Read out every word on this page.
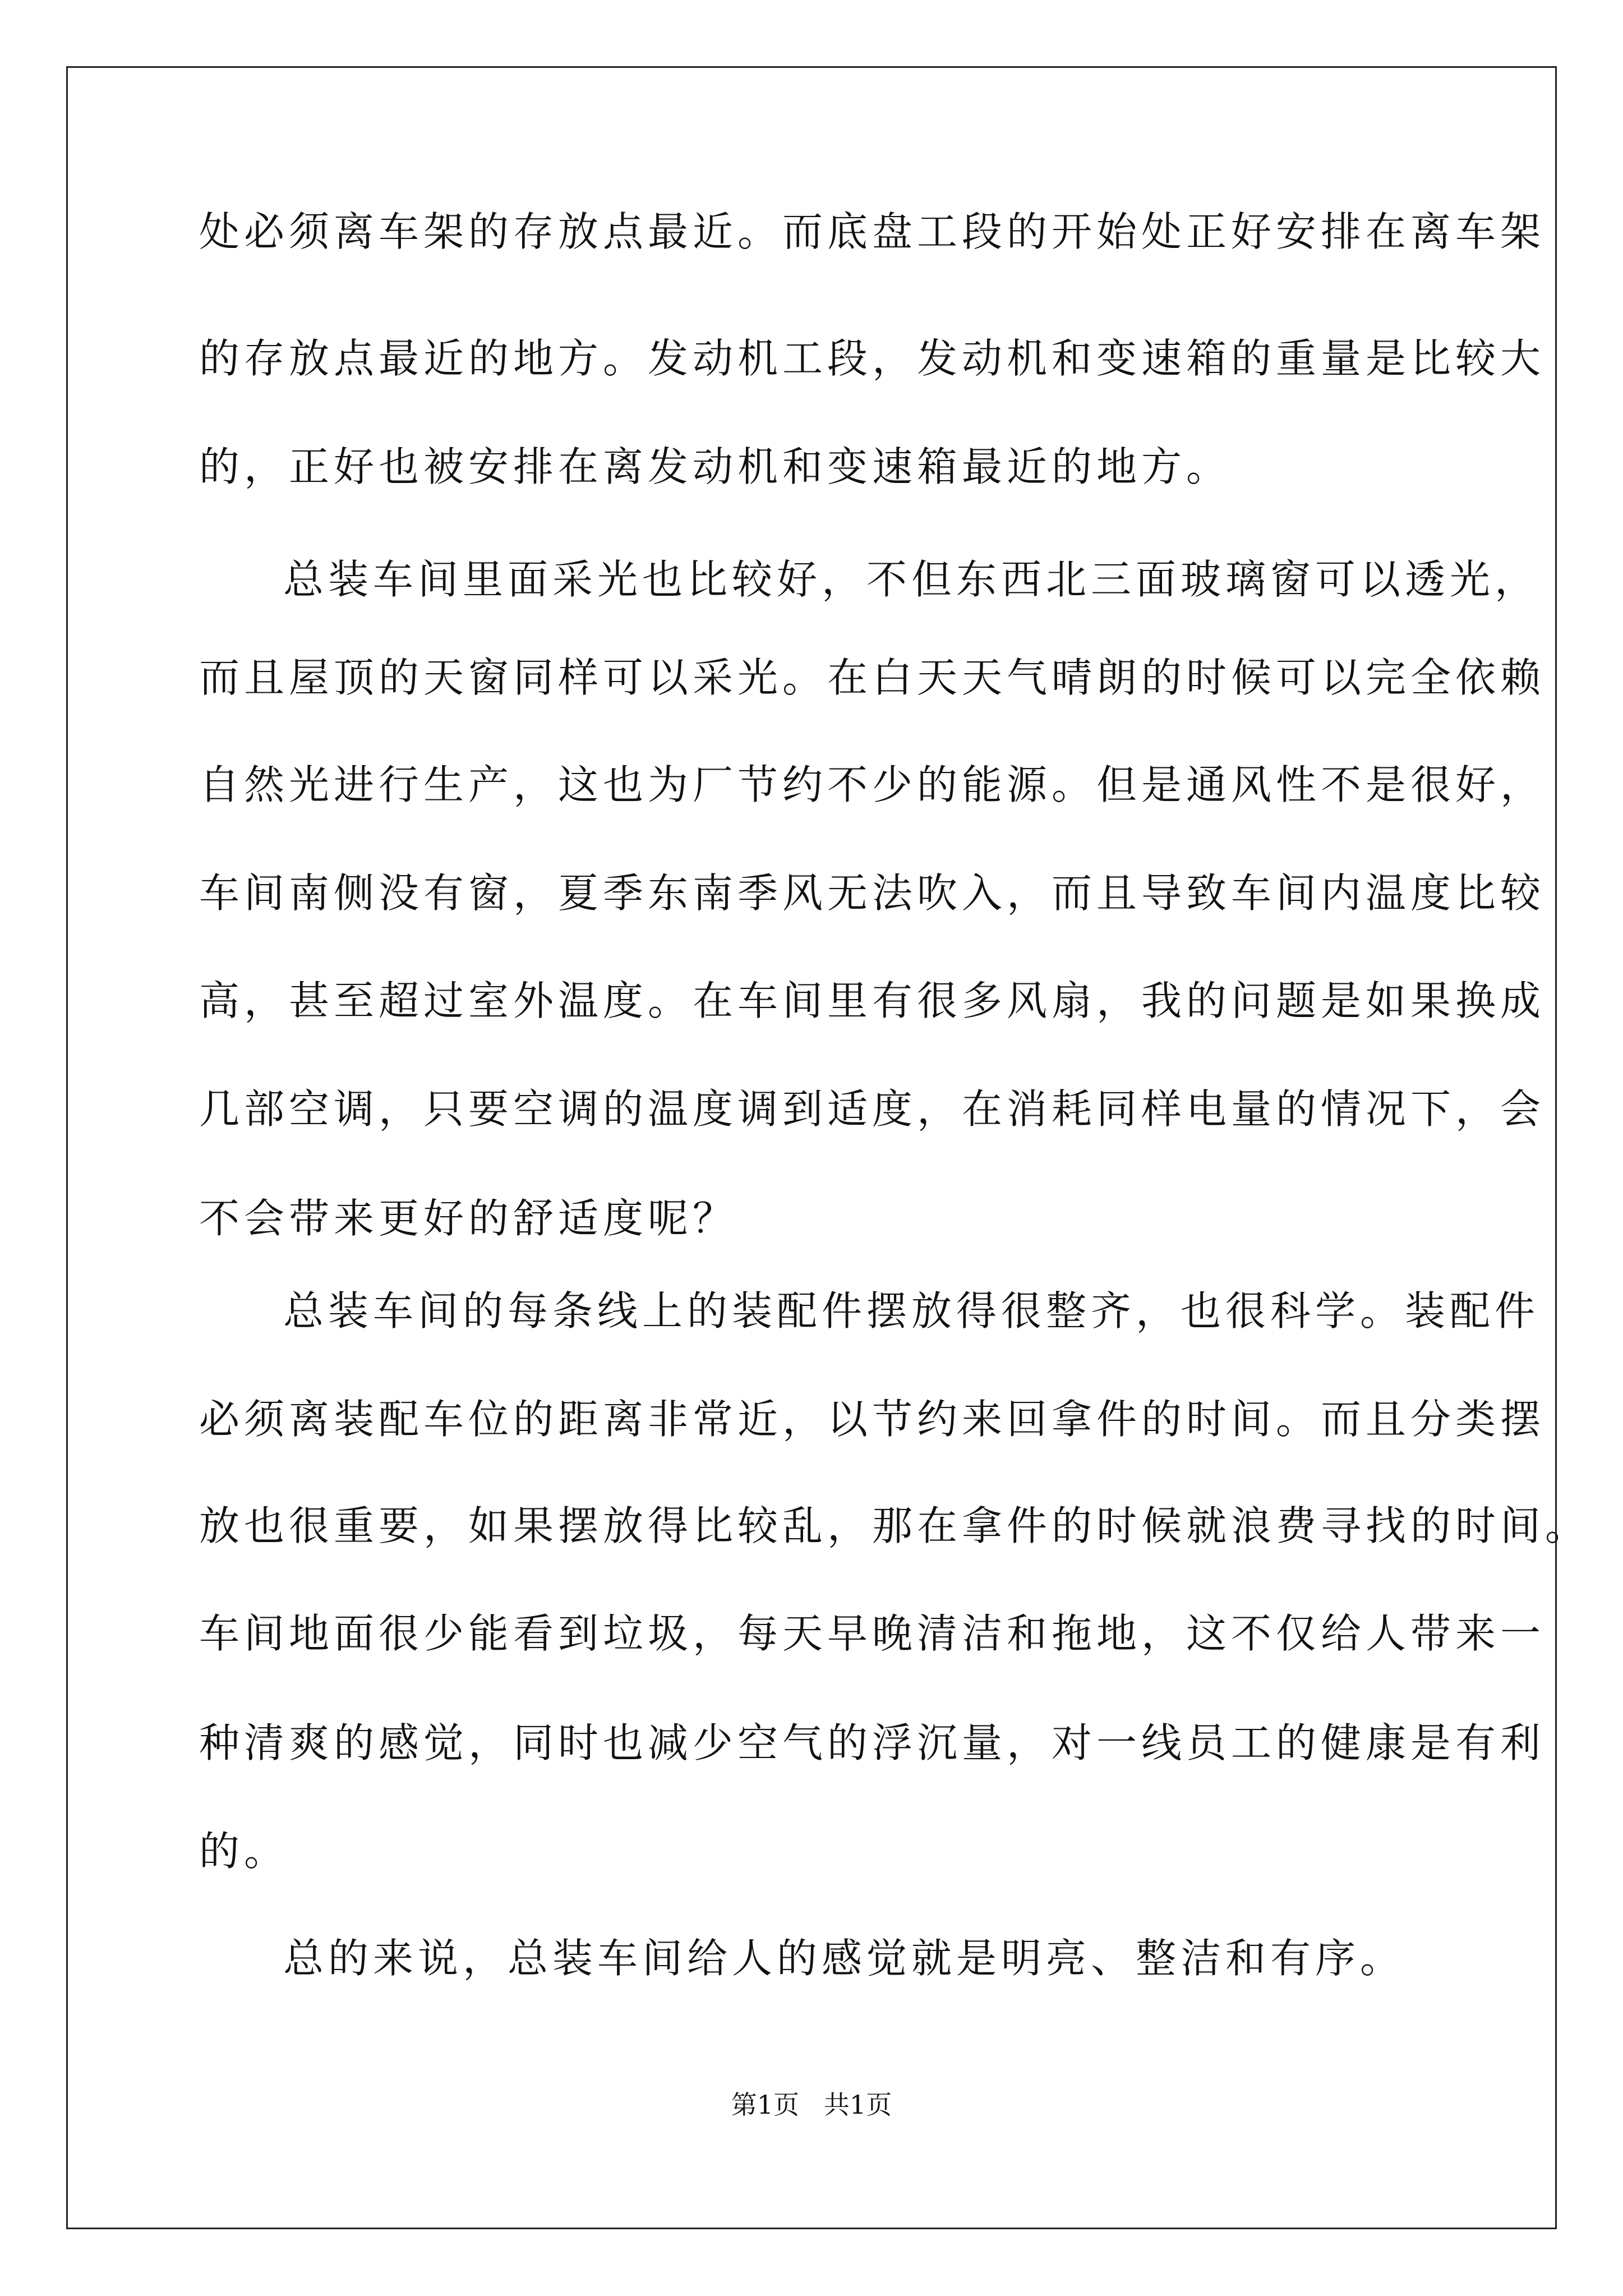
处必须离车架的存放点最近。而底盘工段的开始处正好安排在离车架

的存放点最近的地方。发动机工段，发动机和变速箱的重量是比较大

的，正好也被安排在离发动机和变速箱最近的地方。

总装车间里面采光也比较好，不但东西北三面玻璃窗可以透光，

而且屋顶的天窗同样可以采光。在白天天气晴朗的时候可以完全依赖

自然光进行生产，这也为厂节约不少的能源。但是通风性不是很好，

车间南侧没有窗，夏季东南季风无法吹入，而且导致车间内温度比较

高，甚至超过室外温度。在车间里有很多风扇，我的问题是如果换成

几部空调，只要空调的温度调到适度，在消耗同样电量的情况下，会

不会带来更好的舒适度呢？

总装车间的每条线上的装配件摆放得很整齐，也很科学。装配件

必须离装配车位的距离非常近，以节约来回拿件的时间。而且分类摆

放也很重要，如果摆放得比较乱，那在拿件的时候就浪费寻找的时间。

车间地面很少能看到垃圾，每天早晚清洁和拖地，这不仅给人带来一

种清爽的感觉，同时也减少空气的浮沉量，对一线员工的健康是有利

的。

总的来说，总装车间给人的感觉就是明亮、整洁和有序。

第1页   共1页
